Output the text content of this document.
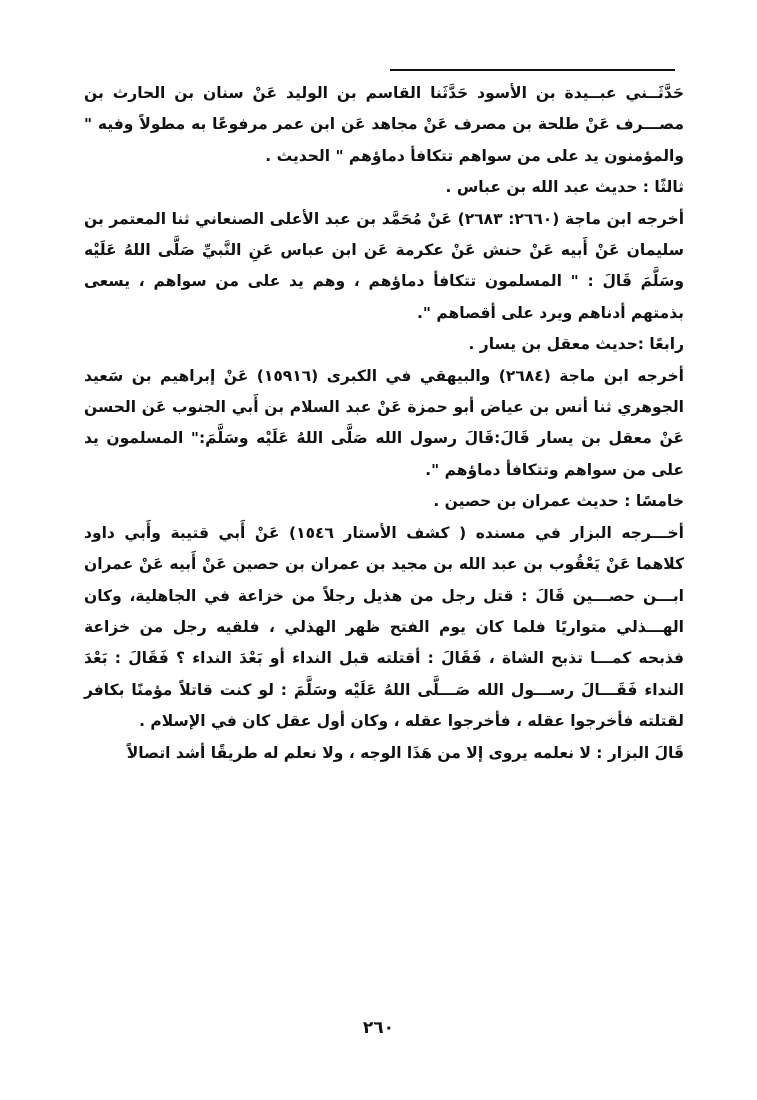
حَدَّثَــني عبــيدة بن الأسود حَدَّثَنا القاسم بن الوليد عَنْ سنان بن الحارث بن مصـــرف عَنْ طلحة بن مصرف عَنْ مجاهد عَن ابن عمر مرفوعًا به مطولاً وفيه " والمؤمنون يد على من سواهم تتكافأ دماؤهم " الحديث .

ثالثًا : حديث عبد الله بن عباس .

أخرجه ابن ماجة (٢٦٦٠: ٢٦٨٣) عَنْ مُحَمَّد بن عبد الأعلى الصنعاني ثنا المعتمر بن سليمان عَنْ أَبيه عَنْ حنش عَنْ عكرمة عَن ابن عباس عَنِ النَّبيِّ صَلَّى اللهُ عَلَيْه وسَلَّمَ قَالَ : " المسلمون تتكافأ دماؤهم ، وهم يد على من سواهم ، يسعى بذمتهم أدناهم ويرد على أقصاهم ".

رابعًا :حديث معقل بن يسار .

أخرجه ابن ماجة (٢٦٨٤) والبيهقي في الكبرى (١٥٩١٦) عَنْ إبراهيم بن سَعيد الجوهري ثنا أنس بن عياض أبو حمزة عَنْ عبد السلام بن أَبي الجنوب عَن الحسن عَنْ معقل بن يسار قَالَ:قَالَ رسول الله صَلَّى اللهُ عَلَيْه وسَلَّمَ:" المسلمون يد على من سواهم وتتكافأ دماؤهم ".

خامسًا : حديث عمران بن حصين .

أخـــرجه البزار في مسنده ( كشف الأستار ١٥٤٦) عَنْ أَبي قتيبة وأَبي داود كلاهما عَنْ يَعْقُوب بن عبد الله بن مجيد بن عمران بن حصين عَنْ أَبيه عَنْ عمران ابـــن حصـــين قَالَ : قتل رجل من هذيل رجلاً من خزاعة في الجاهلية، وكان الهـــذلي متواريًا فلما كان يوم الفتح ظهر الهذلي ، فلقيه رجل من خزاعة فذبحه كمـــا تذبح الشاة ، فَقَالَ : أقتلته قبل النداء أو بَعْدَ النداء ؟ فَقَالَ : بَعْدَ النداء فَقَـــالَ رســـول الله صَـــلَّى اللهُ عَلَيْه وسَلَّمَ : لو كنت قاتلاً مؤمنًا بكافر لقتلته فأخرجوا عقله ، فأخرجوا عقله ، وكان أول عقل كان في الإسلام .

قَالَ البزار : لا نعلمه يروى إلا من هَذَا الوجه ، ولا نعلم له طريقًا أشد اتصالاً

٢٦٠
